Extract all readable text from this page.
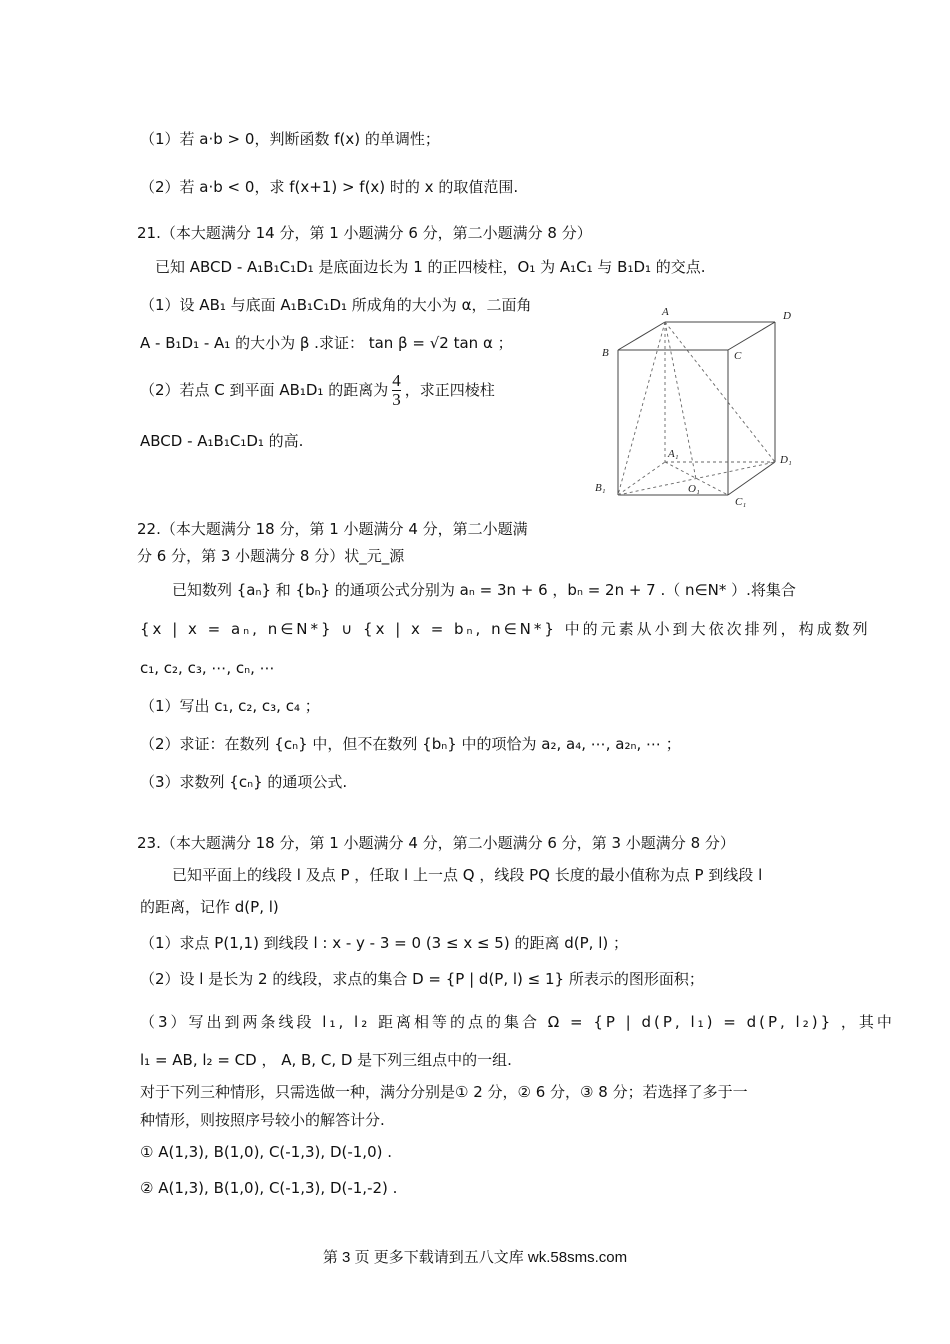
（1）若 a·b > 0，判断函数 f(x) 的单调性；
（2）若 a·b < 0，求 f(x+1) > f(x) 时的 x 的取值范围.
21.（本大题满分 14 分，第 1 小题满分 6 分，第二小题满分 8 分）
已知 ABCD - A₁B₁C₁D₁ 是底面边长为 1 的正四棱柱，O₁ 为 A₁C₁ 与 B₁D₁ 的交点.
（1）设 AB₁ 与底面 A₁B₁C₁D₁ 所成角的大小为 α，二面角
A - B₁D₁ - A₁ 的大小为 β .求证： tan β = √2 tan α ；
（2）若点 C 到平面 AB₁D₁ 的距离为 $\frac{4}{3}$ ，求正四棱柱
ABCD - A₁B₁C₁D₁ 的高.
A	D
B	C
A₁	D₁
B₁	O₁
C₁
22.（本大题满分 18 分，第 1 小题满分 4 分，第二小题满
分 6 分，第 3 小题满分 8 分）状_元_源
已知数列 {aₙ} 和 {bₙ} 的通项公式分别为 aₙ = 3n + 6 ，bₙ = 2n + 7 .（ n∈N* ）.将集合
{x | x = aₙ, n∈N*} ∪ {x | x = bₙ, n∈N*} 中的元素从小到大依次排列，构成数列
c₁, c₂, c₃, ⋯, cₙ, ⋯
（1）写出 c₁, c₂, c₃, c₄ ；
（2）求证：在数列 {cₙ} 中，但不在数列 {bₙ} 中的项恰为 a₂, a₄, ⋯, a₂ₙ, ⋯ ；
（3）求数列 {cₙ} 的通项公式.
23.（本大题满分 18 分，第 1 小题满分 4 分，第二小题满分 6 分，第 3 小题满分 8 分）
已知平面上的线段 l 及点 P ，任取 l 上一点 Q ，线段 PQ 长度的最小值称为点 P 到线段 l
的距离，记作 d(P, l)
（1）求点 P(1,1) 到线段 l : x - y - 3 = 0 (3 ≤ x ≤ 5) 的距离 d(P, l) ；
（2）设 l 是长为 2 的线段，求点的集合 D = {P | d(P, l) ≤ 1} 所表示的图形面积；
（3）写出到两条线段 l₁, l₂ 距离相等的点的集合 Ω = {P | d(P, l₁) = d(P, l₂)} ，其中
l₁ = AB, l₂ = CD ， A, B, C, D 是下列三组点中的一组.
对于下列三种情形，只需选做一种，满分分别是① 2 分，② 6 分，③ 8 分；若选择了多于一
种情形，则按照序号较小的解答计分.
① A(1,3), B(1,0), C(-1,3), D(-1,0) .
② A(1,3), B(1,0), C(-1,3), D(-1,-2) .
第 3 页 更多下载请到五八文库 wk.58sms.com
